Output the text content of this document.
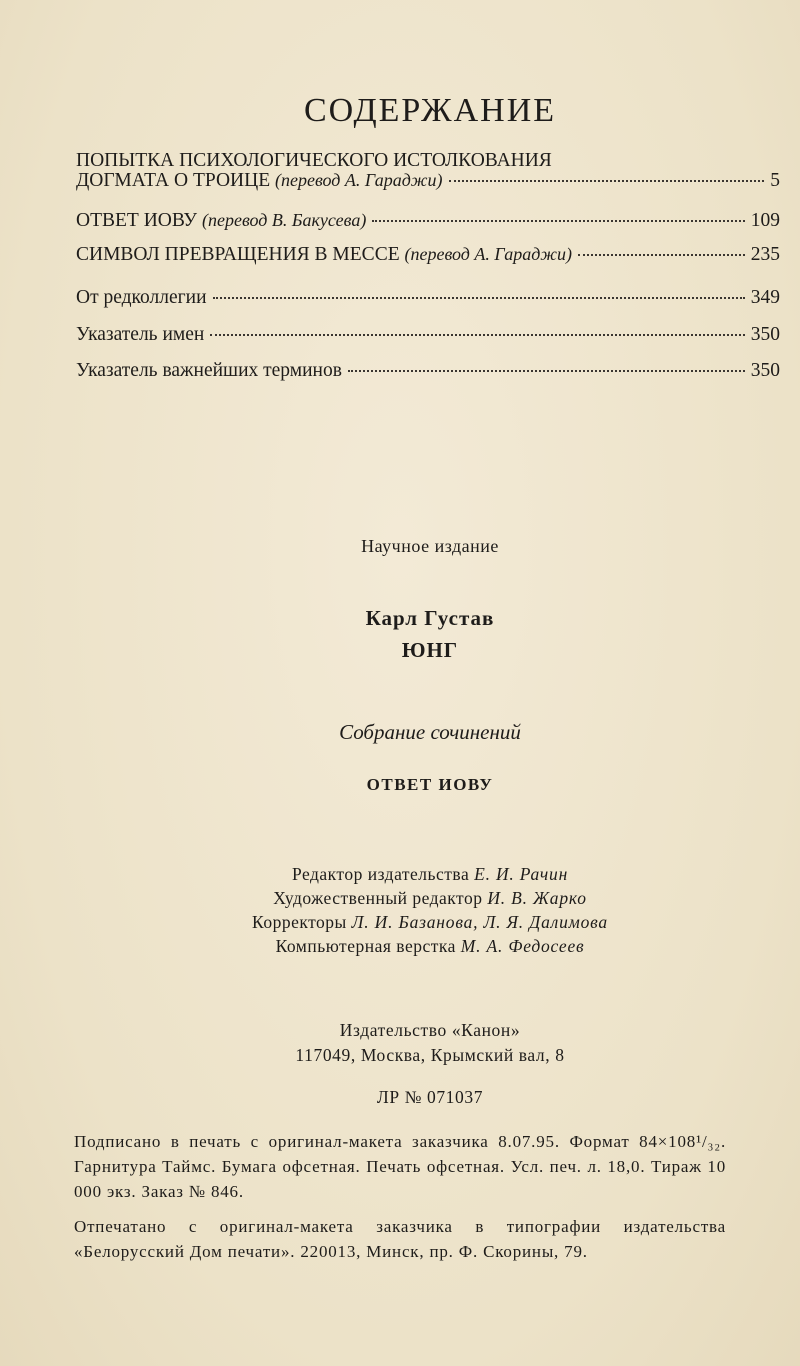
СОДЕРЖАНИЕ
ПОПЫТКА ПСИХОЛОГИЧЕСКОГО ИСТОЛКОВАНИЯ
ДОГМАТА О ТРОИЦЕ (перевод А. Гараджи)	5
ОТВЕТ ИОВУ (перевод В. Бакусева)	109
СИМВОЛ ПРЕВРАЩЕНИЯ В МЕССЕ (перевод А. Гараджи)	235
От редколлегии	349
Указатель имен	350
Указатель важнейших терминов	350
Научное издание
Карл Густав
ЮНГ
Собрание сочинений
ОТВЕТ ИОВУ
Редактор издательства Е. И. Рачин
Художественный редактор И. В. Жарко
Корректоры Л. И. Базанова, Л. Я. Далимова
Компьютерная верстка М. А. Федосеев
Издательство «Канон»
117049, Москва, Крымский вал, 8
ЛР № 071037
Подписано в печать с оригинал-макета заказчика 8.07.95. Формат 84×108¹/₃₂. Гарнитура Таймс. Бумага офсетная. Печать офсетная. Усл. печ. л. 18,0. Тираж 10 000 экз. Заказ № 846.
Отпечатано с оригинал-макета заказчика в типографии издательства «Белорусский Дом печати». 220013, Минск, пр. Ф. Скорины, 79.
